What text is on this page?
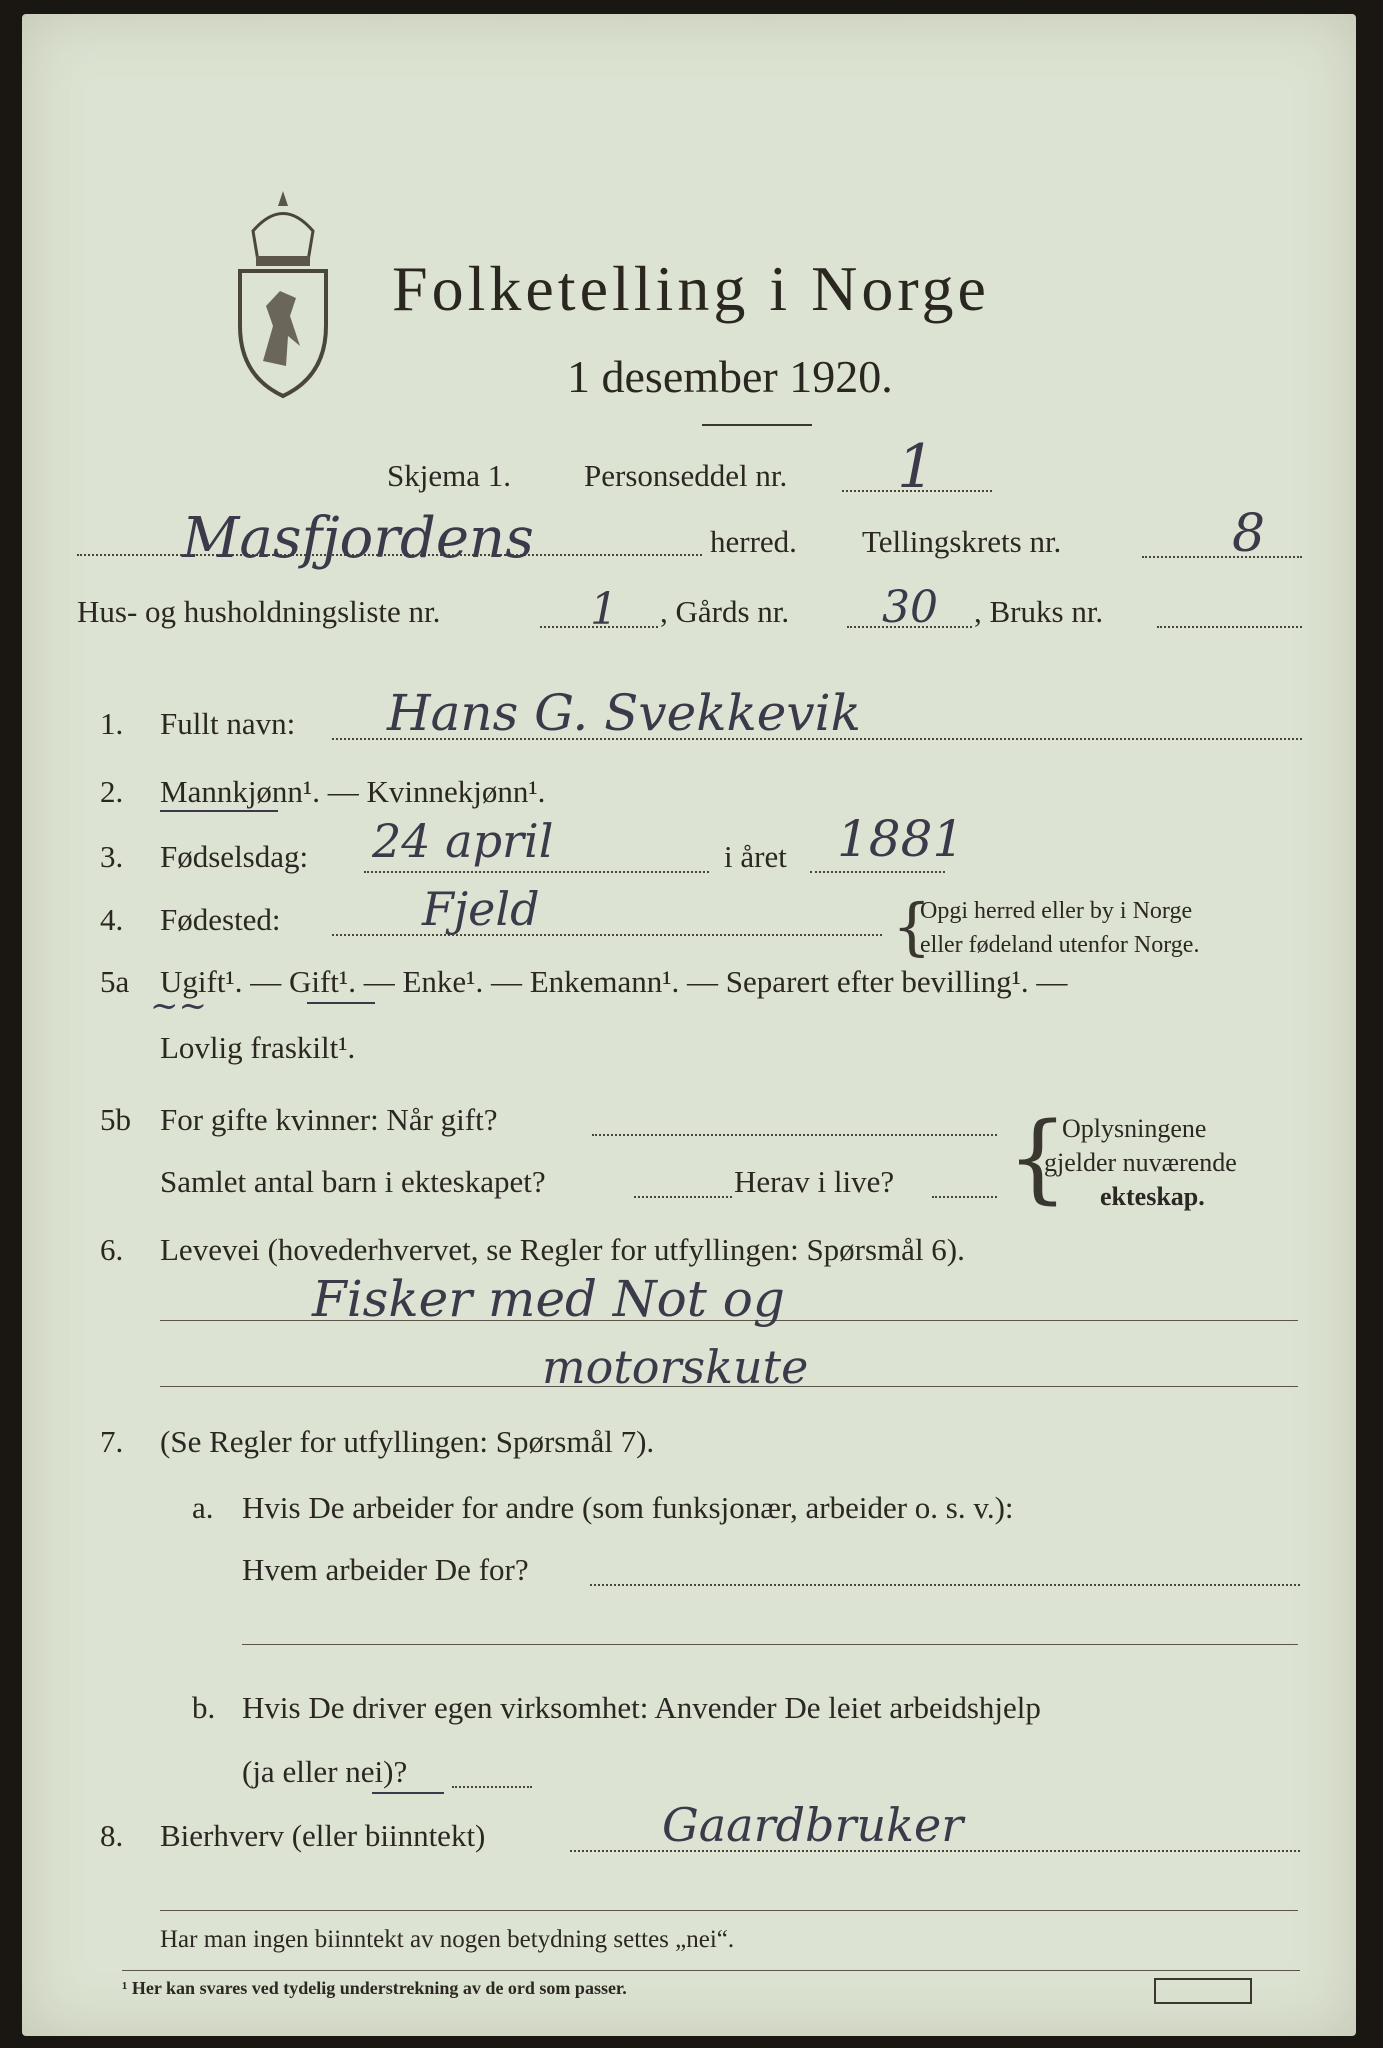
Folketelling i Norge
1 desember 1920.
Skjema 1. Personseddel nr. 1
Masfjordens	herred. Tellingskrets nr.	8
Hus- og husholdningsliste nr.	1 , Gårds nr. 30 , Bruks nr.
1. Fullt navn: Hans G. Svekkevik
2. Mannkjønn¹. — Kvinnekjønn¹.
3. Fødselsdag: 24 april	i året 1881
4. Fødested:	Fjeld	{
Opgi herred eller by i Norge
eller fødeland utenfor Norge.
5a Ugift¹. — Gift¹. — Enke¹. — Enkemann¹. — Separert efter bevilling¹. —
~~
Lovlig fraskilt¹.
5b For gifte kvinner: Når gift?
Samlet antal barn i ekteskapet?	Herav i live? {
Oplysningene
gjelder nuværende
ekteskap.
6. Levevei (hovederhvervet, se Regler for utfyllingen: Spørsmål 6).
Fisker med Not og
motorskute
7. (Se Regler for utfyllingen: Spørsmål 7).
a. Hvis De arbeider for andre (som funksjonær, arbeider o. s. v.):
Hvem arbeider De for?
b. Hvis De driver egen virksomhet: Anvender De leiet arbeidshjelp
(ja eller nei)?
8. Bierhverv (eller biinntekt)	Gaardbruker
Har man ingen biinntekt av nogen betydning settes „nei“.
¹ Her kan svares ved tydelig understrekning av de ord som passer.
